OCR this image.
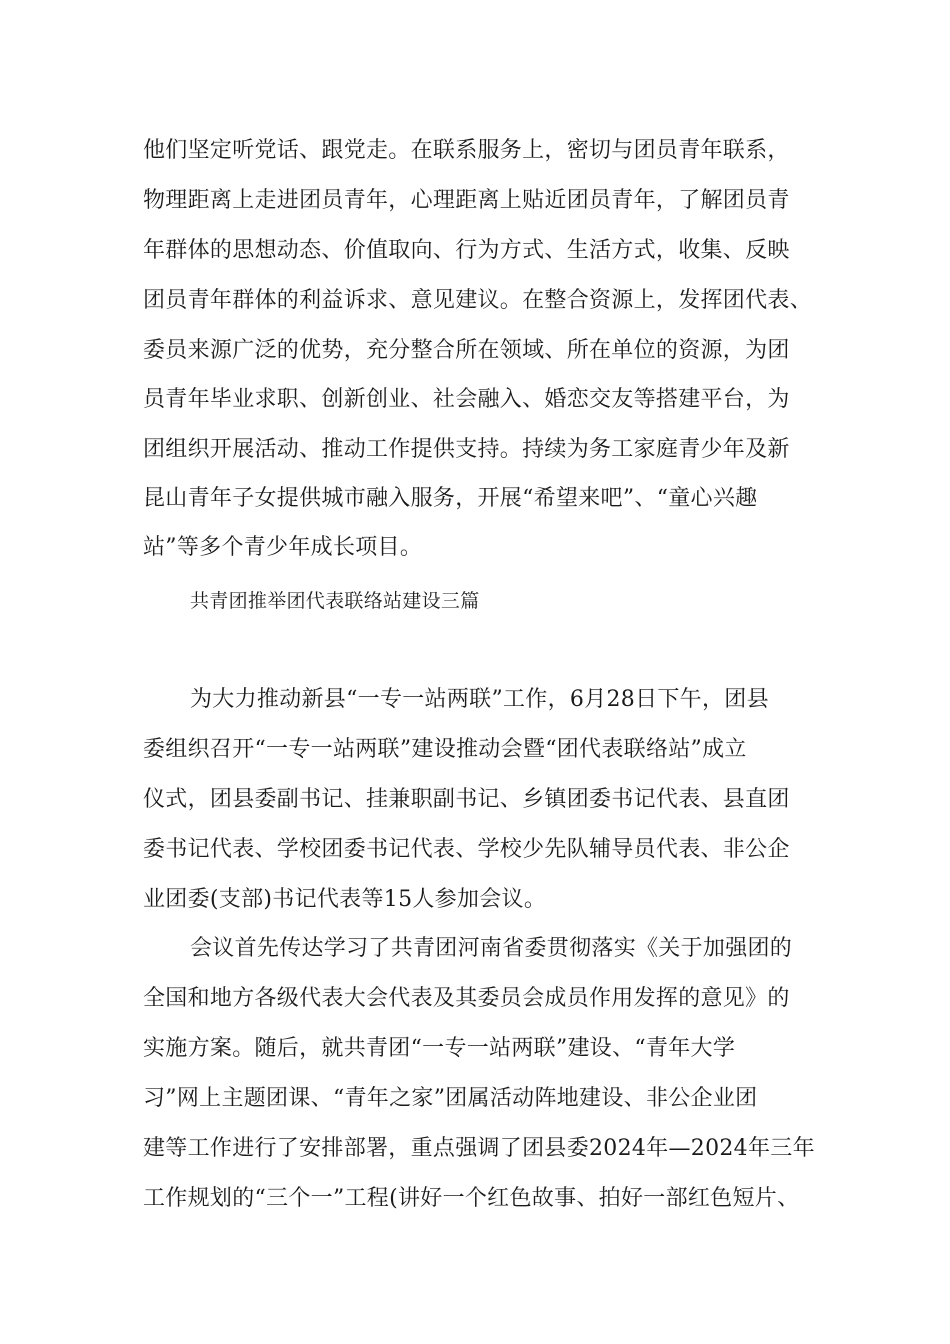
他们坚定听党话、跟党走。在联系服务上，密切与团员青年联系，
物理距离上走进团员青年，心理距离上贴近团员青年，了解团员青
年群体的思想动态、价值取向、行为方式、生活方式，收集、反映
团员青年群体的利益诉求、意见建议。在整合资源上，发挥团代表、
委员来源广泛的优势，充分整合所在领域、所在单位的资源，为团
员青年毕业求职、创新创业、社会融入、婚恋交友等搭建平台，为
团组织开展活动、推动工作提供支持。持续为务工家庭青少年及新
昆山青年子女提供城市融入服务，开展“希望来吧”、“童心兴趣
站”等多个青少年成长项目。
共青团推举团代表联络站建设三篇
为大力推动新县“一专一站两联”工作，6月28日下午，团县
委组织召开“一专一站两联”建设推动会暨“团代表联络站”成立
仪式，团县委副书记、挂兼职副书记、乡镇团委书记代表、县直团
委书记代表、学校团委书记代表、学校少先队辅导员代表、非公企
业团委(支部)书记代表等15人参加会议。
会议首先传达学习了共青团河南省委贯彻落实《关于加强团的
全国和地方各级代表大会代表及其委员会成员作用发挥的意见》的
实施方案。随后，就共青团“一专一站两联”建设、“青年大学
习”网上主题团课、“青年之家”团属活动阵地建设、非公企业团
建等工作进行了安排部署，重点强调了团县委2024年—2024年三年
工作规划的“三个一”工程(讲好一个红色故事、拍好一部红色短片、
